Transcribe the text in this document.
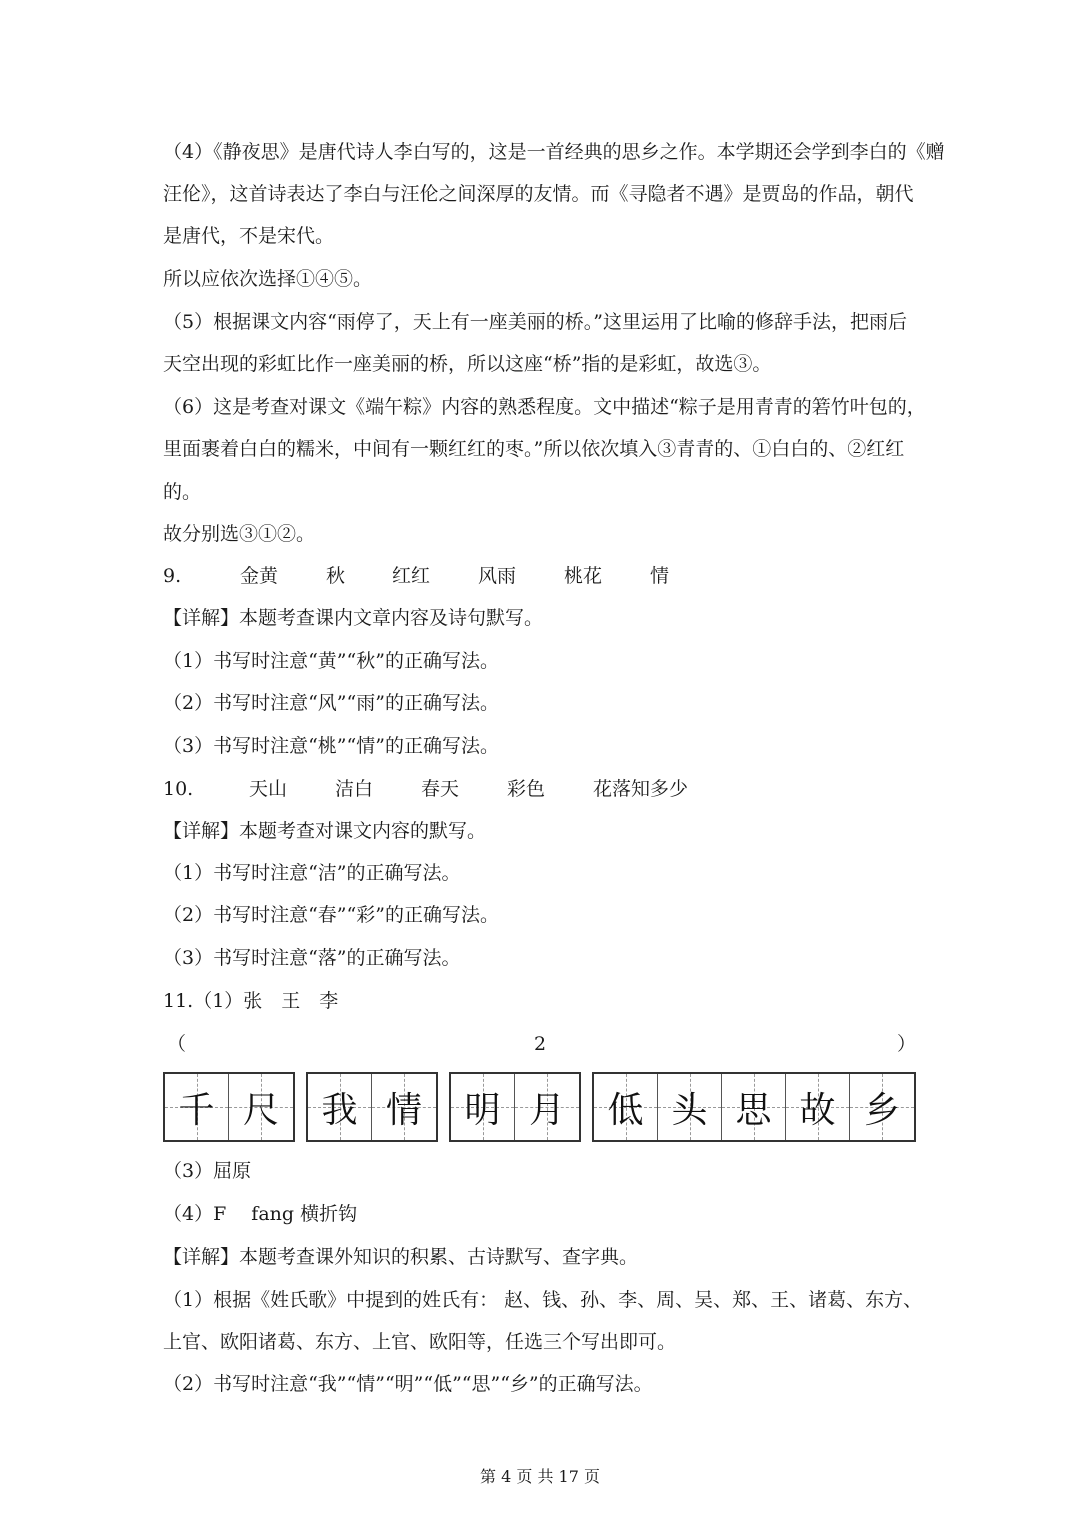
（4）《静夜思》是唐代诗人李白写的，这是一首经典的思乡之作。本学期还会学到李白的《赠
汪伦》，这首诗表达了李白与汪伦之间深厚的友情。而《寻隐者不遇》是贾岛的作品，朝代
是唐代，不是宋代。
所以应依次选择①④⑤。
（5）根据课文内容“雨停了，天上有一座美丽的桥。”这里运用了比喻的修辞手法，把雨后
天空出现的彩虹比作一座美丽的桥，所以这座“桥”指的是彩虹，故选③。
（6）这是考查对课文《端午粽》内容的熟悉程度。文中描述“粽子是用青青的箬竹叶包的，
里面裹着白白的糯米，中间有一颗红红的枣。”所以依次填入③青青的、①白白的、②红红
的。
故分别选③①②。
9.	金黄	秋 红红	风雨	桃花	情
【详解】本题考查课内文章内容及诗句默写。
（1）书写时注意“黄”“秋”的正确写法。
（2）书写时注意“风”“雨”的正确写法。
（3）书写时注意“桃”“情”的正确写法。
10.	天山	洁白	春天	彩色	花落知多少
【详解】本题考查对课文内容的默写。
（1）书写时注意“洁”的正确写法。
（2）书写时注意“春”“彩”的正确写法。
（3）书写时注意“落”的正确写法。
11.（1）张　王　李
（	2	）
千 尺 我 情 明 月 低 头 思 故 乡
（3）屈原
（4）F　 fang 横折钩
【详解】本题考查课外知识的积累、古诗默写、查字典。
（1）根据《姓氏歌》中提到的姓氏有： 赵、钱、孙、李、周、吴、郑、王、诸葛、东方、
上官、欧阳诸葛、东方、上官、欧阳等，任选三个写出即可。
（2）书写时注意“我”“情”“明”“低”“思”“乡”的正确写法。
第 4 页 共 17 页
